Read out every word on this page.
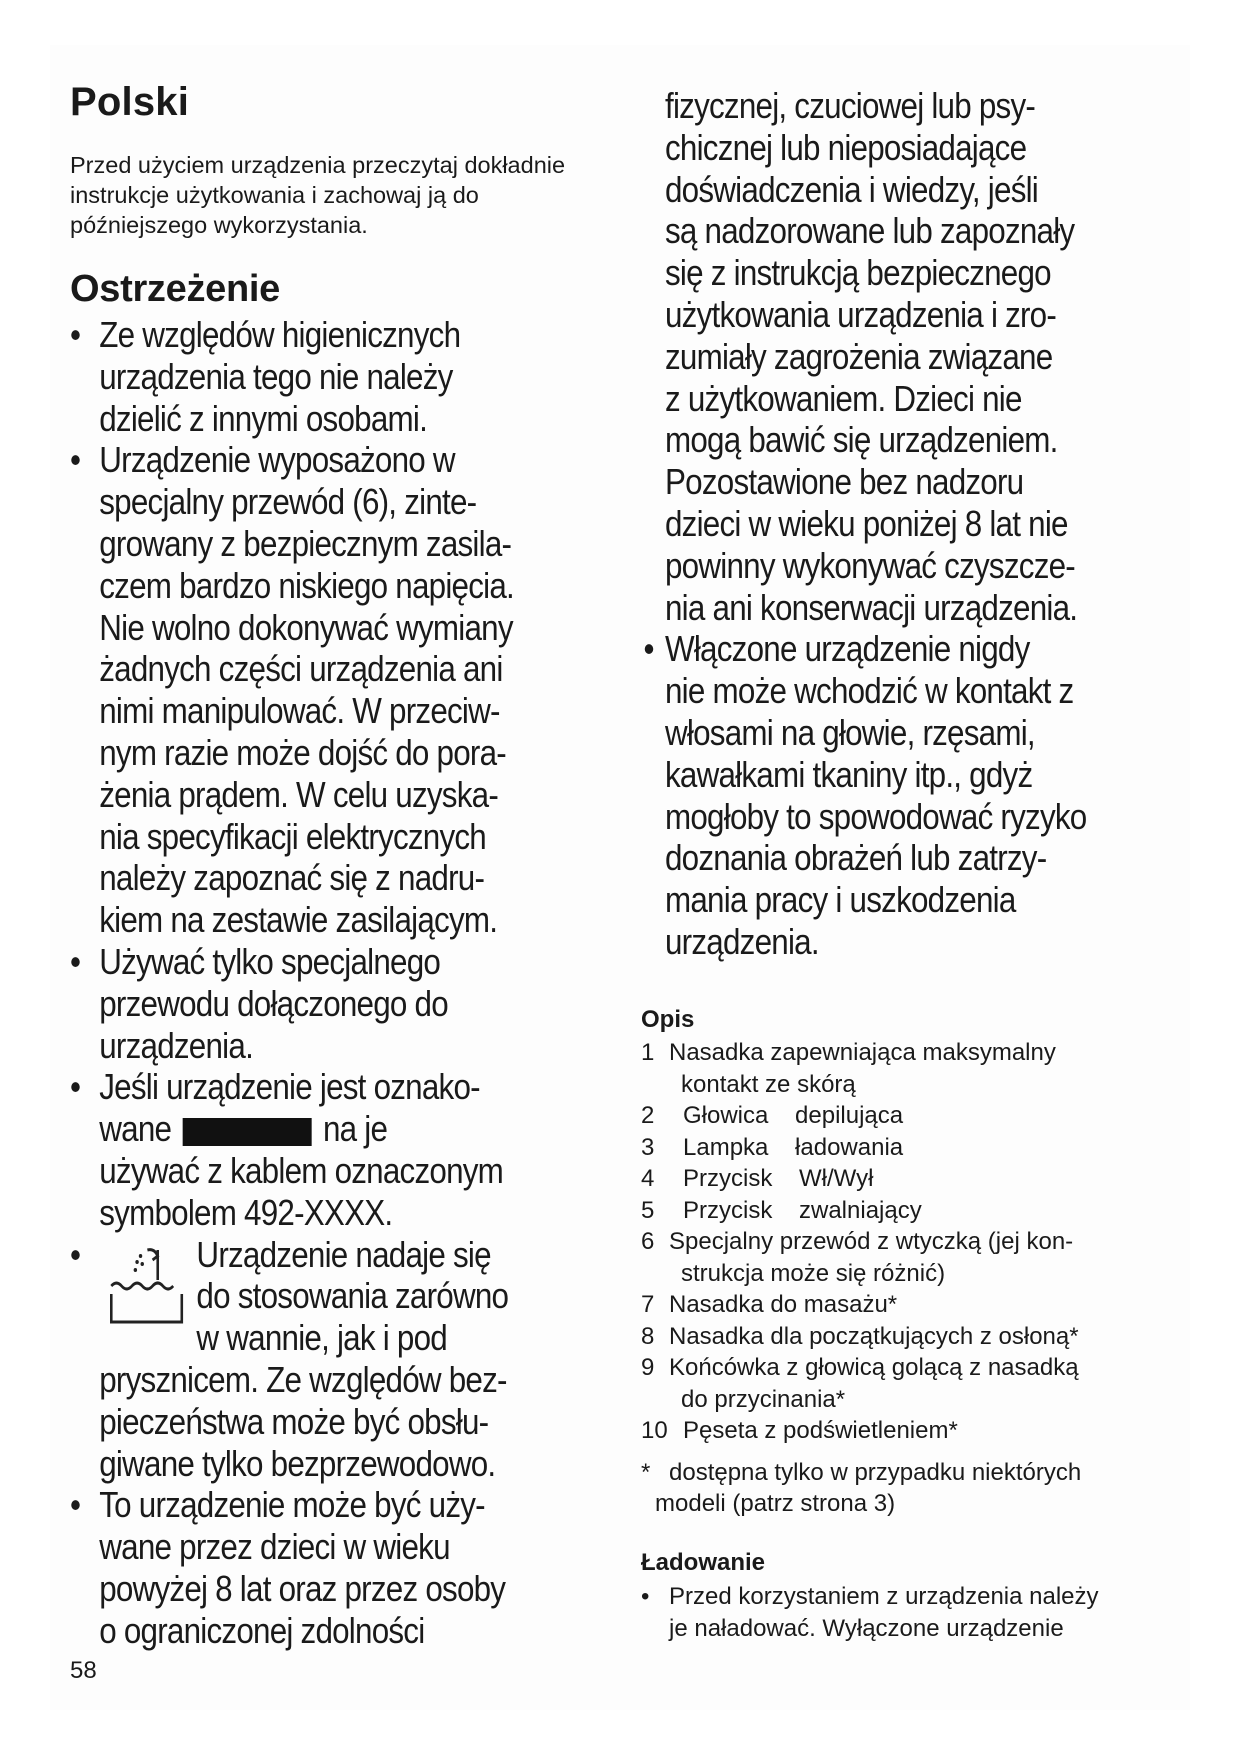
Polski
Przed użyciem urządzenia przeczytaj dokładnie instrukcje użytkowania i zachowaj ją do późniejszego wykorzystania.
Ostrzeżenie
• Ze względów higienicznych
urządzenia tego nie należy
dzielić z innymi osobami.
• Urządzenie wyposażono w
specjalny przewód (6), zinte-
growany z bezpiecznym zasila-
czem bardzo niskiego napięcia.
Nie wolno dokonywać wymiany
żadnych części urządzenia ani
nimi manipulować. W przeciw-
nym razie może dojść do pora-
żenia prądem. W celu uzyska-
nia specyfikacji elektrycznych
należy zapoznać się z nadru-
kiem na zestawie zasilającym.
• Używać tylko specjalnego
przewodu dołączonego do
urządzenia.
• Jeśli urządzenie jest oznako-
wane	na je
używać z kablem oznaczonym
symbolem 492-XXXX.
•	Urządzenie nadaje się
do stosowania zarówno
w wannie, jak i pod
prysznicem. Ze względów bez-
pieczeństwa może być obsłu-
giwane tylko bezprzewodowo.
• To urządzenie może być uży-
wane przez dzieci w wieku
powyżej 8 lat oraz przez osoby
o ograniczonej zdolności
fizycznej, czuciowej lub psy-
chicznej lub nieposiadające
doświadczenia i wiedzy, jeśli
są nadzorowane lub zapoznały
się z instrukcją bezpiecznego
użytkowania urządzenia i zro-
zumiały zagrożenia związane
z użytkowaniem. Dzieci nie
mogą bawić się urządzeniem.
Pozostawione bez nadzoru
dzieci w wieku poniżej 8 lat nie
powinny wykonywać czyszcze-
nia ani konserwacji urządzenia.
• Włączone urządzenie nigdy
nie może wchodzić w kontakt z
włosami na głowie, rzęsami,
kawałkami tkaniny itp., gdyż
mogłoby to spowodować ryzyko
doznania obrażeń lub zatrzy-
mania pracy i uszkodzenia
urządzenia.
Opis
1 Nasadka zapewniająca maksymalny
kontakt ze skórą
2	Głowica    depilująca
3	Lampka    ładowania
4	Przycisk    Wł/Wył
5	Przycisk    zwalniający
6 Specjalny przewód z wtyczką (jej kon-
strukcja może się różnić)
7 Nasadka do masażu*
8 Nasadka dla początkujących z osłoną*
9 Końcówka z głowicą golącą z nasadką
do przycinania*
10 Pęseta z podświetleniem*
* dostępna tylko w przypadku niektórych
modeli (patrz strona 3)
Ładowanie
• Przed korzystaniem z urządzenia należy
je naładować. Wyłączone urządzenie
58
